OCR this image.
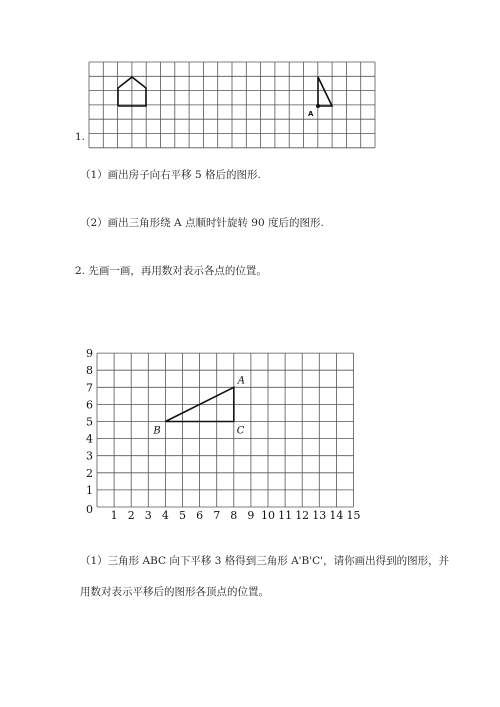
A
1.
（1）画出房子向右平移 5 格后的图形.
（2）画出三角形绕 A 点顺时针旋转 90 度后的图形.
2. 先画一画，再用数对表示各点的位置。
1 2 3 4 5 6 7 8 9 10 11 12 13 14 15
1
2
3
4
5
6
7
8
9
0
A
B	C
（1）三角形 ABC 向下平移 3 格得到三角形 A'B'C'，请你画出得到的图形，并
用数对表示平移后的图形各顶点的位置。
